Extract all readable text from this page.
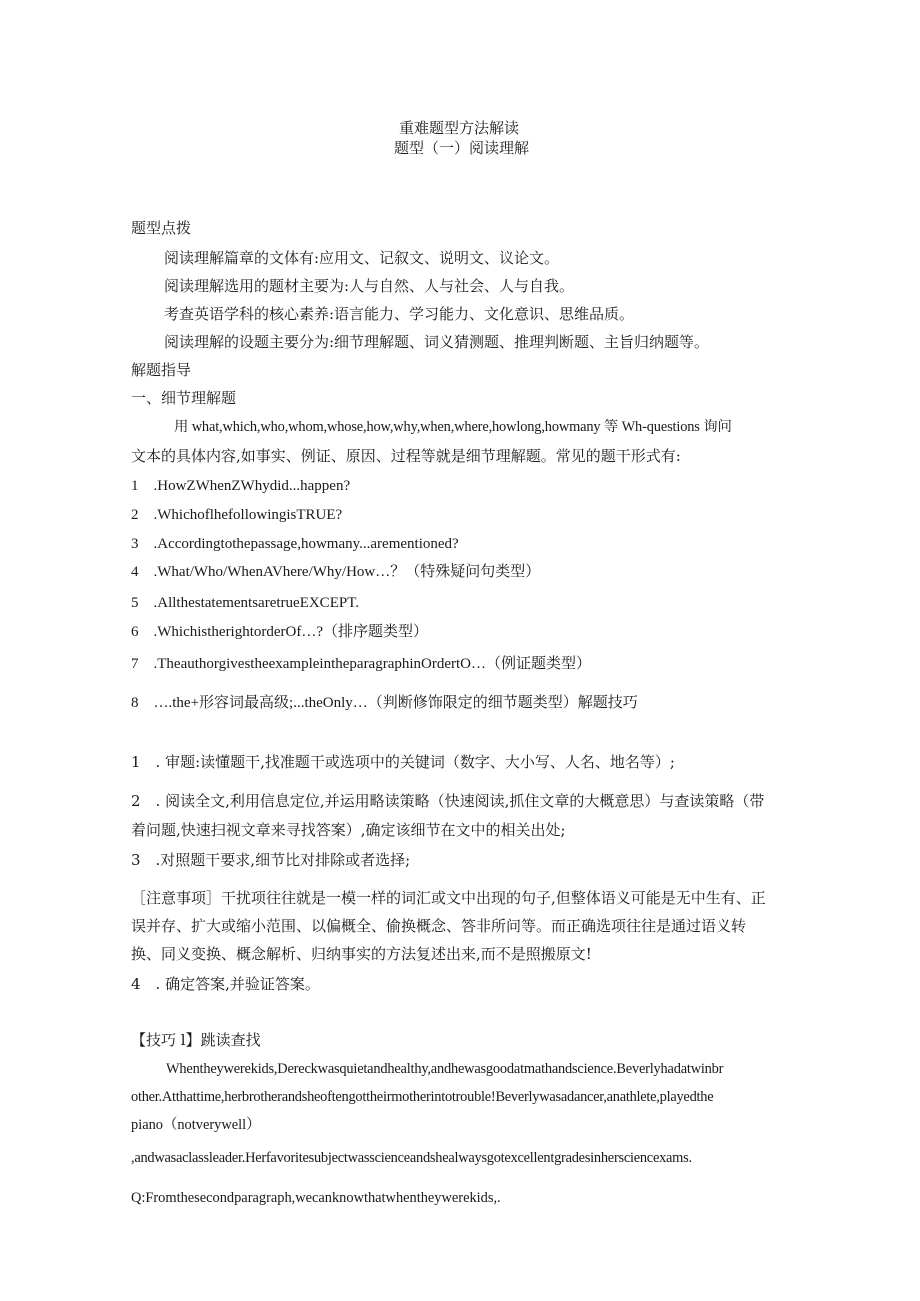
重难题型方法解读
题型（一）阅读理解
题型点拨
阅读理解篇章的文体有:应用文、记叙文、说明文、议论文。
阅读理解选用的题材主要为:人与自然、人与社会、人与自我。
考查英语学科的核心素养:语言能力、学习能力、文化意识、思维品质。
阅读理解的设题主要分为:细节理解题、词义猜测题、推理判断题、主旨归纳题等。
解题指导
一、细节理解题
用 what,which,who,whom,whose,how,why,when,where,howlong,howmany 等 Wh-questions 询问
文本的具体内容,如事实、例证、原因、过程等就是细节理解题。常见的题干形式有:
1　.HowZWhenZWhydid...happen?
2　.WhichoflhefollowingisTRUE?
3　.Accordingtothepassage,howmany...arementioned?
4　.What/Who/WhenAVhere/Why/How…？（特殊疑问句类型）
5　.AllthestatementsaretrueEXCEPT.
6　.WhichistherightorderOf…?（排序题类型）
7　.TheauthorgivestheexampleintheparagraphinOrdertO…（例证题类型）
8　….the+形容词最高级;...theOnly…（判断修饰限定的细节题类型）解题技巧
1　. 审题:读懂题干,找准题干或选项中的关键词（数字、大小写、人名、地名等）;
2　. 阅读全文,利用信息定位,并运用略读策略（快速阅读,抓住文章的大概意思）与查读策略（带
着问题,快速扫视文章来寻找答案）,确定该细节在文中的相关出处;
3　.对照题干要求,细节比对排除或者选择;
［注意事项］干扰项往往就是一模一样的词汇或文中出现的句子,但整体语义可能是无中生有、正
误并存、扩大或缩小范围、以偏概全、偷换概念、答非所问等。而正确选项往往是通过语义转
换、同义变换、概念解析、归纳事实的方法复述出来,而不是照搬原文!
4　. 确定答案,并验证答案。
【技巧 l】跳读查找
Whentheywerekids,Dereckwasquietandhealthy,andhewasgoodatmathandscience.Beverlyhadatwinbr
other.Atthattime,herbrotherandsheoftengottheirmotherintotrouble!Beverlywasadancer,anathlete,playedthe
piano（notverywell）
,andwasaclassleader.Herfavoritesubjectwasscienceandshealwaysgotexcellentgradesinhersciencexams.
Q:Fromthesecondparagraph,wecanknowthatwhentheywerekids,.
